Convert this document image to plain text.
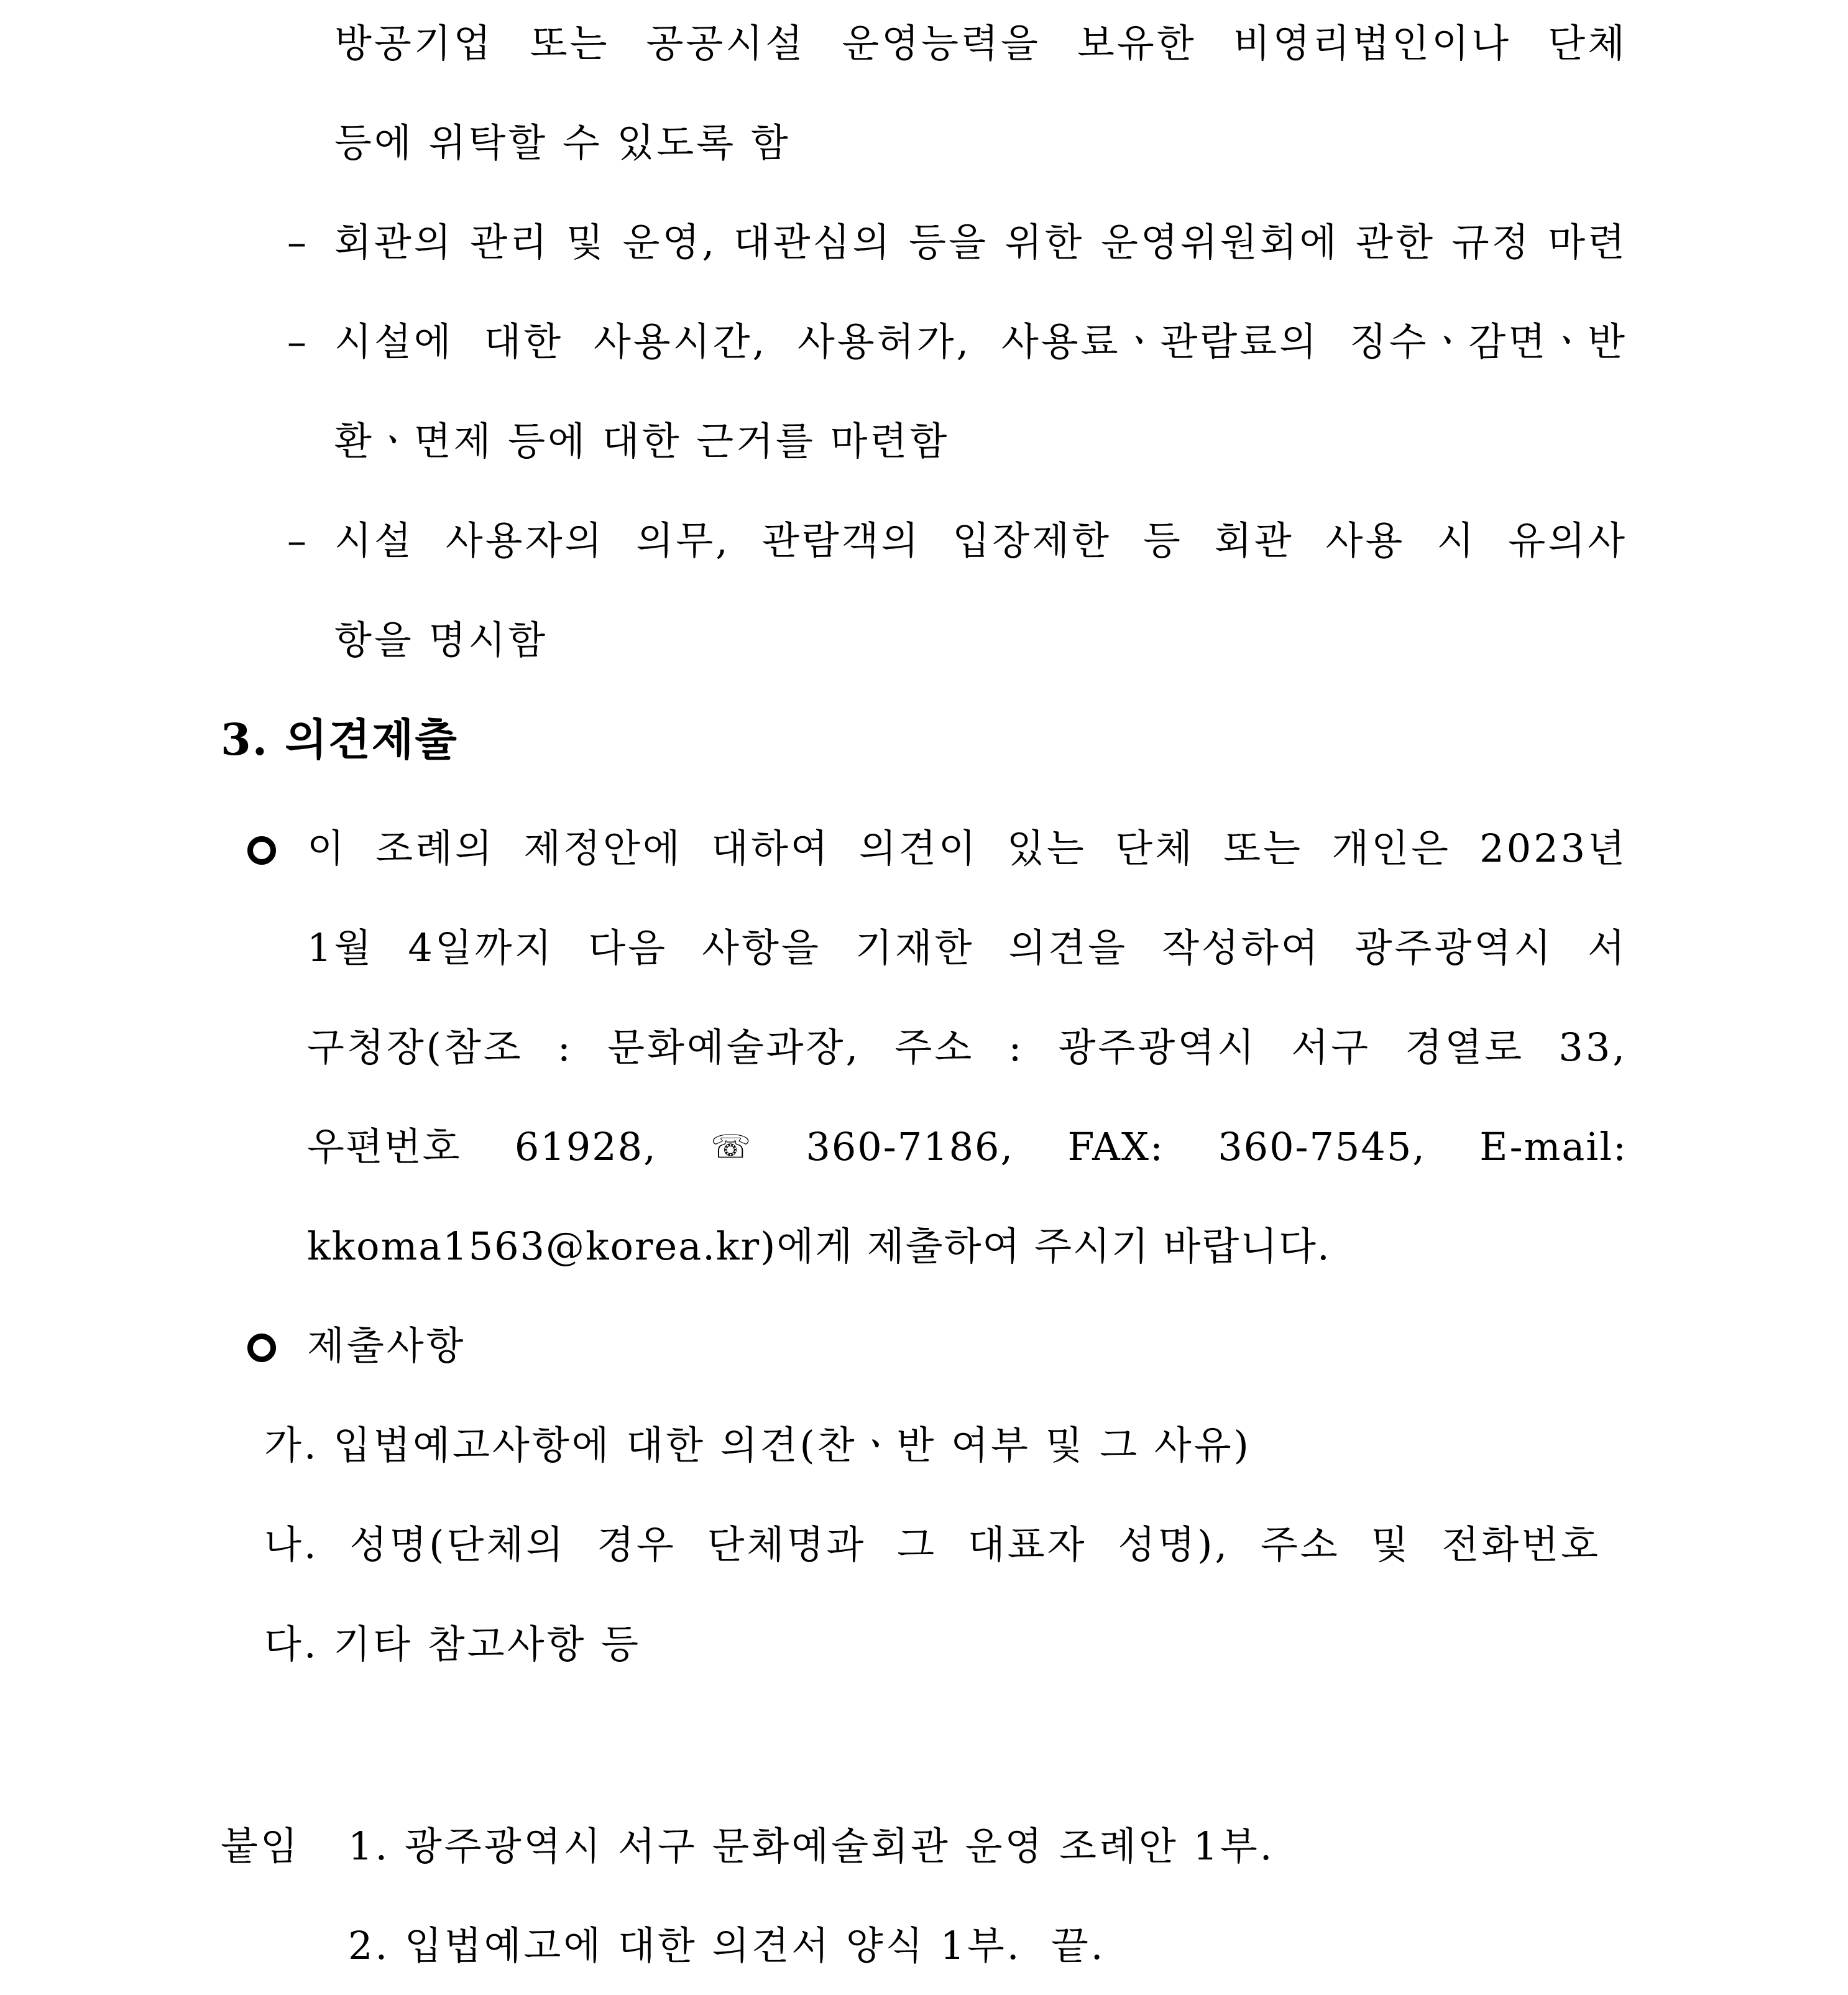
방공기업 또는 공공시설 운영능력을 보유한 비영리법인이나 단체
등에 위탁할 수 있도록 함
– 회관의 관리 및 운영, 대관심의 등을 위한 운영위원회에 관한 규정 마련
– 시설에 대한 사용시간, 사용허가, 사용료ㆍ관람료의 징수ㆍ감면ㆍ반
환ㆍ면제 등에 대한 근거를 마련함
– 시설 사용자의 의무, 관람객의 입장제한 등 회관 사용 시 유의사
항을 명시함
3. 의견제출
이 조례의 제정안에 대하여 의견이 있는 단체 또는 개인은 2023년
1월 4일까지 다음 사항을 기재한 의견을 작성하여 광주광역시 서
구청장(참조 : 문화예술과장, 주소 : 광주광역시 서구 경열로 33,
우편번호 61928, ☏ 360-7186, FAX: 360-7545, E-mail:
kkoma1563@korea.kr)에게 제출하여 주시기 바랍니다.
제출사항
가. 입법예고사항에 대한 의견(찬ㆍ반 여부 및 그 사유)
나. 성명(단체의 경우 단체명과 그 대표자 성명), 주소 및 전화번호
다. 기타 참고사항 등
붙임 1. 광주광역시 서구 문화예술회관 운영 조례안 1부.
2. 입법예고에 대한 의견서 양식 1부.  끝.
